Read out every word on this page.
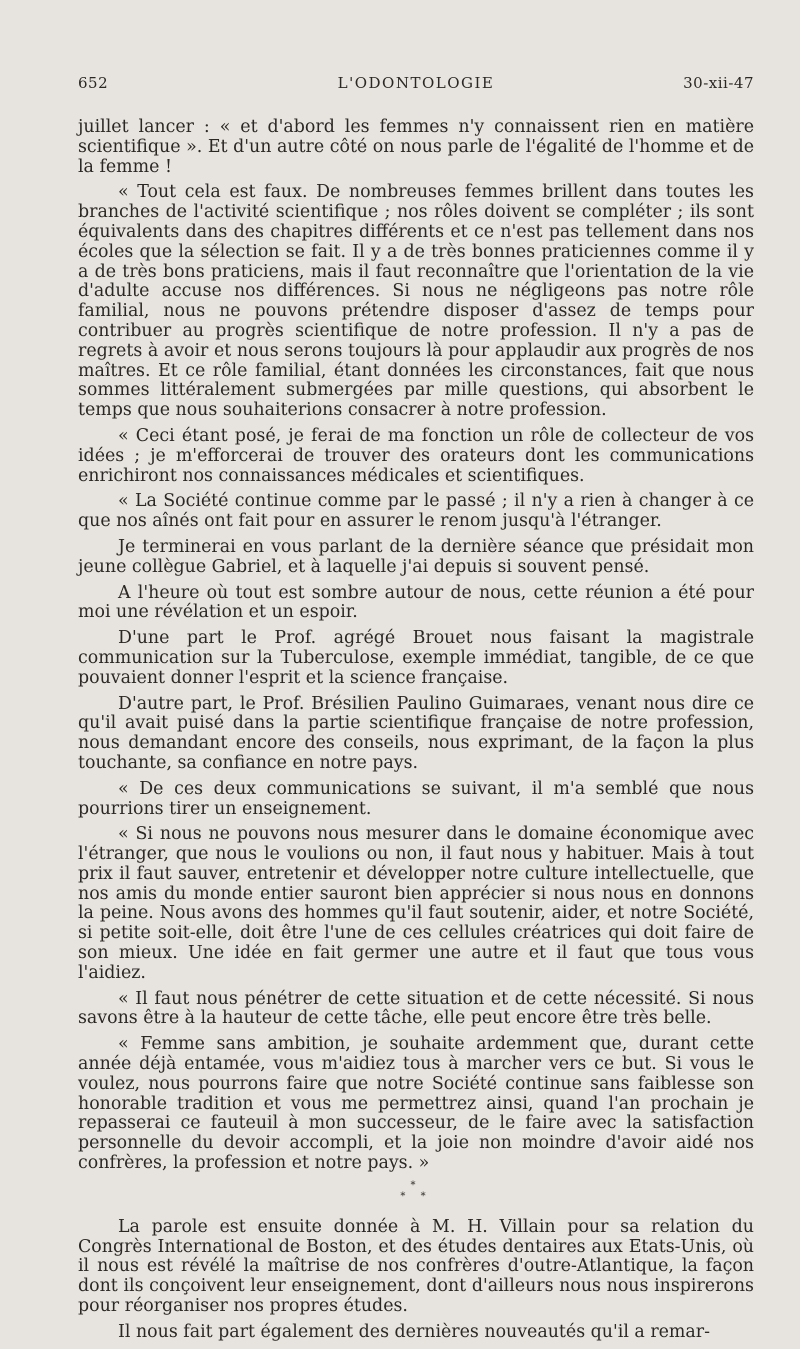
652	L'ODONTOLOGIE	30-xii-47

juillet lancer : « et d'abord les femmes n'y connaissent rien en matière scientifique ». Et d'un autre côté on nous parle de l'égalité de l'homme et de la femme !

« Tout cela est faux. De nombreuses femmes brillent dans toutes les branches de l'activité scientifique ; nos rôles doivent se compléter ; ils sont équivalents dans des chapitres différents et ce n'est pas tellement dans nos écoles que la sélection se fait. Il y a de très bonnes praticiennes comme il y a de très bons praticiens, mais il faut reconnaître que l'orientation de la vie d'adulte accuse nos différences. Si nous ne négligeons pas notre rôle familial, nous ne pouvons prétendre disposer d'assez de temps pour contribuer au progrès scientifique de notre profession. Il n'y a pas de regrets à avoir et nous serons toujours là pour applaudir aux progrès de nos maîtres. Et ce rôle familial, étant données les circonstances, fait que nous sommes littéralement submergées par mille questions, qui absorbent le temps que nous souhaiterions consacrer à notre profession.

« Ceci étant posé, je ferai de ma fonction un rôle de collecteur de vos idées ; je m'efforcerai de trouver des orateurs dont les communications enrichiront nos connaissances médicales et scientifiques.

« La Société continue comme par le passé ; il n'y a rien à changer à ce que nos aînés ont fait pour en assurer le renom jusqu'à l'étranger.

Je terminerai en vous parlant de la dernière séance que présidait mon jeune collègue Gabriel, et à laquelle j'ai depuis si souvent pensé.

A l'heure où tout est sombre autour de nous, cette réunion a été pour moi une révélation et un espoir.

D'une part le Prof. agrégé Brouet nous faisant la magistrale communication sur la Tuberculose, exemple immédiat, tangible, de ce que pouvaient donner l'esprit et la science française.

D'autre part, le Prof. Brésilien Paulino Guimaraes, venant nous dire ce qu'il avait puisé dans la partie scientifique française de notre profession, nous demandant encore des conseils, nous exprimant, de la façon la plus touchante, sa confiance en notre pays.

« De ces deux communications se suivant, il m'a semblé que nous pourrions tirer un enseignement.

« Si nous ne pouvons nous mesurer dans le domaine économique avec l'étranger, que nous le voulions ou non, il faut nous y habituer. Mais à tout prix il faut sauver, entretenir et développer notre culture intellectuelle, que nos amis du monde entier sauront bien apprécier si nous nous en donnons la peine. Nous avons des hommes qu'il faut soutenir, aider, et notre Société, si petite soit-elle, doit être l'une de ces cellules créatrices qui doit faire de son mieux. Une idée en fait germer une autre et il faut que tous vous l'aidiez.

« Il faut nous pénétrer de cette situation et de cette nécessité. Si nous savons être à la hauteur de cette tâche, elle peut encore être très belle.

« Femme sans ambition, je souhaite ardemment que, durant cette année déjà entamée, vous m'aidiez tous à marcher vers ce but. Si vous le voulez, nous pourrons faire que notre Société continue sans faiblesse son honorable tradition et vous me permettrez ainsi, quand l'an prochain je repasserai ce fauteuil à mon successeur, de le faire avec la satisfaction personnelle du devoir accompli, et la joie non moindre d'avoir aidé nos confrères, la profession et notre pays. »

*
* *

La parole est ensuite donnée à M. H. Villain pour sa relation du Congrès International de Boston, et des études dentaires aux Etats-Unis, où il nous est révélé la maîtrise de nos confrères d'outre-Atlantique, la façon dont ils conçoivent leur enseignement, dont d'ailleurs nous nous inspirerons pour réorganiser nos propres études.

Il nous fait part également des dernières nouveautés qu'il a remar-
